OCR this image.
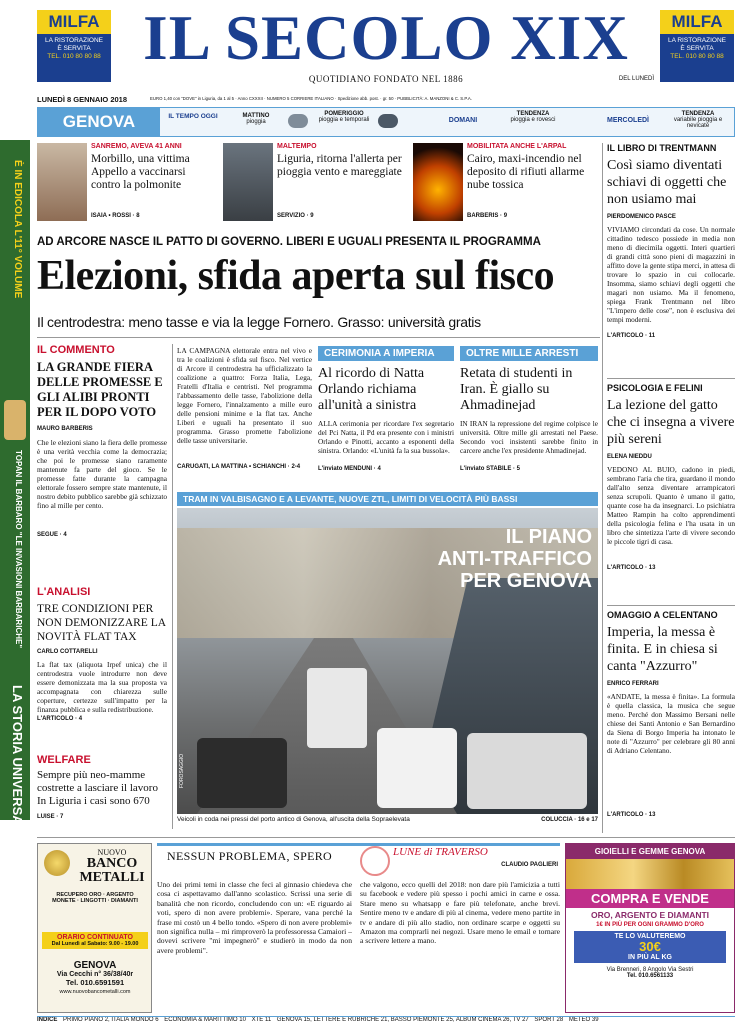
MILFA
LA RISTORAZIONE
È SERVITA
TEL. 010 80 80 88
MILFA
LA RISTORAZIONE
È SERVITA
TEL. 010 80 80 88
IL SECOLO XIX
QUOTIDIANO FONDATO NEL 1886	DEL LUNEDÌ
LUNEDÌ 8 GENNAIO 2018	EURO 1,40 con "DOVE" in Liguria, da 1 al 5 · Anno CXXXII · NUMERO 5 CORRIERE ITALIANO · Spedizione abb. post. · gr. 50 · PUBBLICITÀ: A. MANZONI & C. S.P.A.
GENOVA	IL TEMPO OGGI	MATTINO
pioggia
POMERIGGIO
pioggia e temporali	DOMANI
TENDENZA
pioggia e rovesci	MERCOLEDÌ
TENDENZA
variabile pioggia e nevicate
È IN EDICOLA L'11° VOLUME
TOPAN IL BARBARO "LE INVASIONI BARBARICHE"
LA STORIA UNIVERSALE DISNEY.
SANREMO, AVEVA 41 ANNI
Morbillo, una vittima Appello a vaccinarsi contro la polmonite
ISAIA • ROSSI · 8
MALTEMPO
Liguria, ritorna l'allerta per pioggia vento e mareggiate
SERVIZIO · 9
MOBILITATA ANCHE L'ARPAL
Cairo, maxi-incendio nel deposito di rifiuti allarme nube tossica
BARBERIS · 9
AD ARCORE NASCE IL PATTO DI GOVERNO. LIBERI E UGUALI PRESENTA IL PROGRAMMA
Elezioni, sfida aperta sul fisco
Il centrodestra: meno tasse e via la legge Fornero. Grasso: università gratis
IL COMMENTO
LA GRANDE FIERA DELLE PROMESSE E GLI ALIBI PRONTI PER IL DOPO VOTO
MAURO BARBERIS
Che le elezioni siano la fiera delle promesse è una verità vecchia come la democrazia; che poi le promesse siano raramente mantenute fa parte del gioco. Se le promesse fatte durante la campagna elettorale fossero sempre state mantenute, il nostro debito pubblico sarebbe già schizzato fino al mille per cento.
SEGUE · 4
L'ANALISI
TRE CONDIZIONI PER NON DEMONIZZARE LA NOVITÀ FLAT TAX
CARLO COTTARELLI
La flat tax (aliquota Irpef unica) che il centrodestra vuole introdurre non deve essere demonizzata ma la sua proposta va accompagnata con chiarezza sulle coperture, certezze sull'impatto per la finanza pubblica e sulla redistribuzione.
L'ARTICOLO · 4
WELFARE
Sempre più neo-mamme costrette a lasciare il lavoro In Liguria i casi sono 670
LUISE · 7
LA CAMPAGNA elettorale entra nel vivo e tra le coalizioni è sfida sul fisco. Nel vertice di Arcore il centrodestra ha ufficializzato la coalizione a quattro: Forza Italia, Lega, Fratelli d'Italia e centristi. Nel programma l'abbassamento delle tasse, l'abolizione della legge Fornero, l'innalzamento a mille euro delle pensioni minime e la flat tax. Anche Liberi e uguali ha presentato il suo programma. Grasso promette l'abolizione delle tasse universitarie.
CARUGATI, LA MATTINA • SCHIANCHI · 2-4
CERIMONIA A IMPERIA
Al ricordo di Natta Orlando richiama all'unità a sinistra
ALLA cerimonia per ricordare l'ex segretario del Pci Natta, il Pd era presente con i ministri Orlando e Pinotti, accanto a esponenti della sinistra. Orlando: «L'unità fa la sua bussola».
L'inviato MENDUNI · 4
OLTRE MILLE ARRESTI
Retata di studenti in Iran. È giallo su Ahmadinejad
IN IRAN la repressione del regime colpisce le università. Oltre mille gli arrestati nel Paese. Secondo voci insistenti sarebbe finito in carcere anche l'ex presidente Ahmadinejad.
L'inviato STABILE · 5
TRAM IN VALBISAGNO E A LEVANTE, NUOVE ZTL, LIMITI DI VELOCITÀ PIÙ BASSI
IL PIANO
ANTI-TRAFFICO
PER GENOVA
FOROSAGGIO
Veicoli in coda nei pressi del porto antico di Genova, all'uscita della Sopraelevata	COLUCCIA · 16 e 17
IL LIBRO DI TRENTMANN
Così siamo diventati schiavi di oggetti che non usiamo mai
PIERDOMENICO PASCE
VIVIAMO circondati da cose. Un normale cittadino tedesco possiede in media non meno di diecimila oggetti. Interi quartieri di grandi città sono pieni di magazzini in affitto dove la gente stipa merci, in attesa di trovare lo spazio in cui collocarle. Insomma, siamo schiavi degli oggetti che magari non usiamo. Ma il fenomeno, spiega Frank Trentmann nel libro "L'impero delle cose", non è esclusiva dei tempi moderni.
L'ARTICOLO · 11
PSICOLOGIA E FELINI
La lezione del gatto che ci insegna a vivere più sereni
ELENA NIEDDU
VEDONO AL BUIO, cadono in piedi, sembrano l'aria che tira, guardano il mondo dall'alto senza diventare arrampicatori senza scrupoli. Quanto è umano il gatto, quante cose ha da insegnarci. Lo psichiatra Matteo Rampin ha colto apprendimenti della psicologia felina e l'ha usata in un libro che sintetizza l'arte di vivere secondo le piccole tigri di casa.
L'ARTICOLO · 13
OMAGGIO A CELENTANO
Imperia, la messa è finita. E in chiesa si canta "Azzurro"
ENRICO FERRARI
«ANDATE, la messa è finita». La formula è quella classica, la musica che segue meno. Perché don Massimo Bersani nelle chiese dei Santi Antonio e San Bernardino da Siena di Borgo Imperia ha intonato le note di "Azzurro" per celebrare gli 80 anni di Adriano Celentano.
L'ARTICOLO · 13
NUOVO
BANCO
METALLI
RECUPERO ORO · ARGENTO
MONETE · LINGOTTI · DIAMANTI
ORARIO CONTINUATO
Dal Lunedì al Sabato: 9.00 - 19.00
GENOVA
Via Cecchi n° 36/38/40r
Tel. 010.6591591
www.nuovobancometalli.com
NESSUN PROBLEMA, SPERO	LUNE di TRAVERSO
CLAUDIO PAGLIERI
Uno dei primi temi in classe che feci al ginnasio chiedeva che cosa ci aspettavamo dall'anno scolastico. Scrissi una serie di banalità che non ricordo, concludendo con un: «E riguardo ai voti, spero di non avere problemi». Sperare, vana perché la frase mi costò un 4 bello tondo. «Spero di non avere problemi» non significa nulla – mi rimproverò la professoressa Camaiori – dovevi scrivere "mi impegnerò" e studierò in modo da non avere problemi".
che valgono, ecco quelli del 2018: non dare più l'amicizia a tutti su facebook e vedere più spesso i pochi amici in carne e ossa. Stare meno su whatsapp e fare più telefonate, anche brevi. Sentire meno tv e andare di più al cinema, vedere meno partite in tv e andare di più allo stadio, non ordinare scarpe e oggetti su Amazon ma comprarli nei negozi. Usare meno le email e tornare a scrivere lettere a mano.
GIOIELLI E GEMME GENOVA
COMPRA E VENDE
ORO, ARGENTO E DIAMANTI
1€ IN PIÙ PER OGNI GRAMMO D'ORO
TE LO VALUTEREMO
30€
IN PIÙ AL KG
Via Brenneri, 8 Angolo Via Sestri
Tel. 010.6561133
INDICE PRIMO PIANO 2, ITALIA MONDO 6 ECONOMIA & MARITTIMO 10 XTE 11 GENOVA 15, LETTERE E RUBRICHE 21, BASSO PIEMONTE 25, ALBUM CINEMA 26, TV 27 SPORT 28 METEO 39
